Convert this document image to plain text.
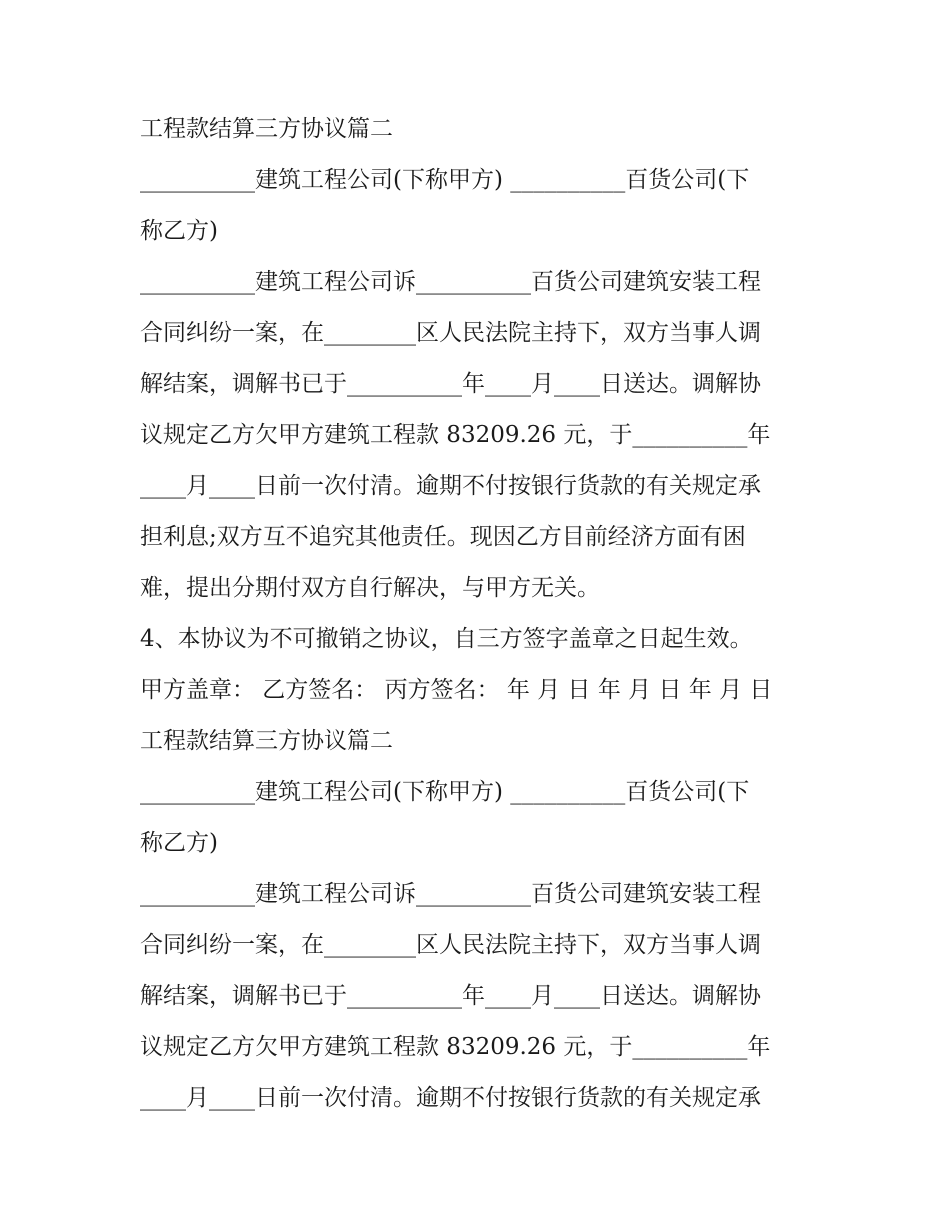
工程款结算三方协议篇二
__________建筑工程公司(下称甲方) __________百货公司(下
称乙方)
__________建筑工程公司诉__________百货公司建筑安装工程
合同纠纷一案，在________区人民法院主持下，双方当事人调
解结案，调解书已于__________年____月____日送达。调解协
议规定乙方欠甲方建筑工程款 83209.26 元，于__________年
____月____日前一次付清。逾期不付按银行货款的有关规定承
担利息;双方互不追究其他责任。现因乙方目前经济方面有困
难，提出分期付双方自行解决，与甲方无关。
4、本协议为不可撤销之协议，自三方签字盖章之日起生效。
甲方盖章： 乙方签名： 丙方签名： 年 月 日 年 月 日 年 月 日
工程款结算三方协议篇二
__________建筑工程公司(下称甲方) __________百货公司(下
称乙方)
__________建筑工程公司诉__________百货公司建筑安装工程
合同纠纷一案，在________区人民法院主持下，双方当事人调
解结案，调解书已于__________年____月____日送达。调解协
议规定乙方欠甲方建筑工程款 83209.26 元，于__________年
____月____日前一次付清。逾期不付按银行货款的有关规定承
